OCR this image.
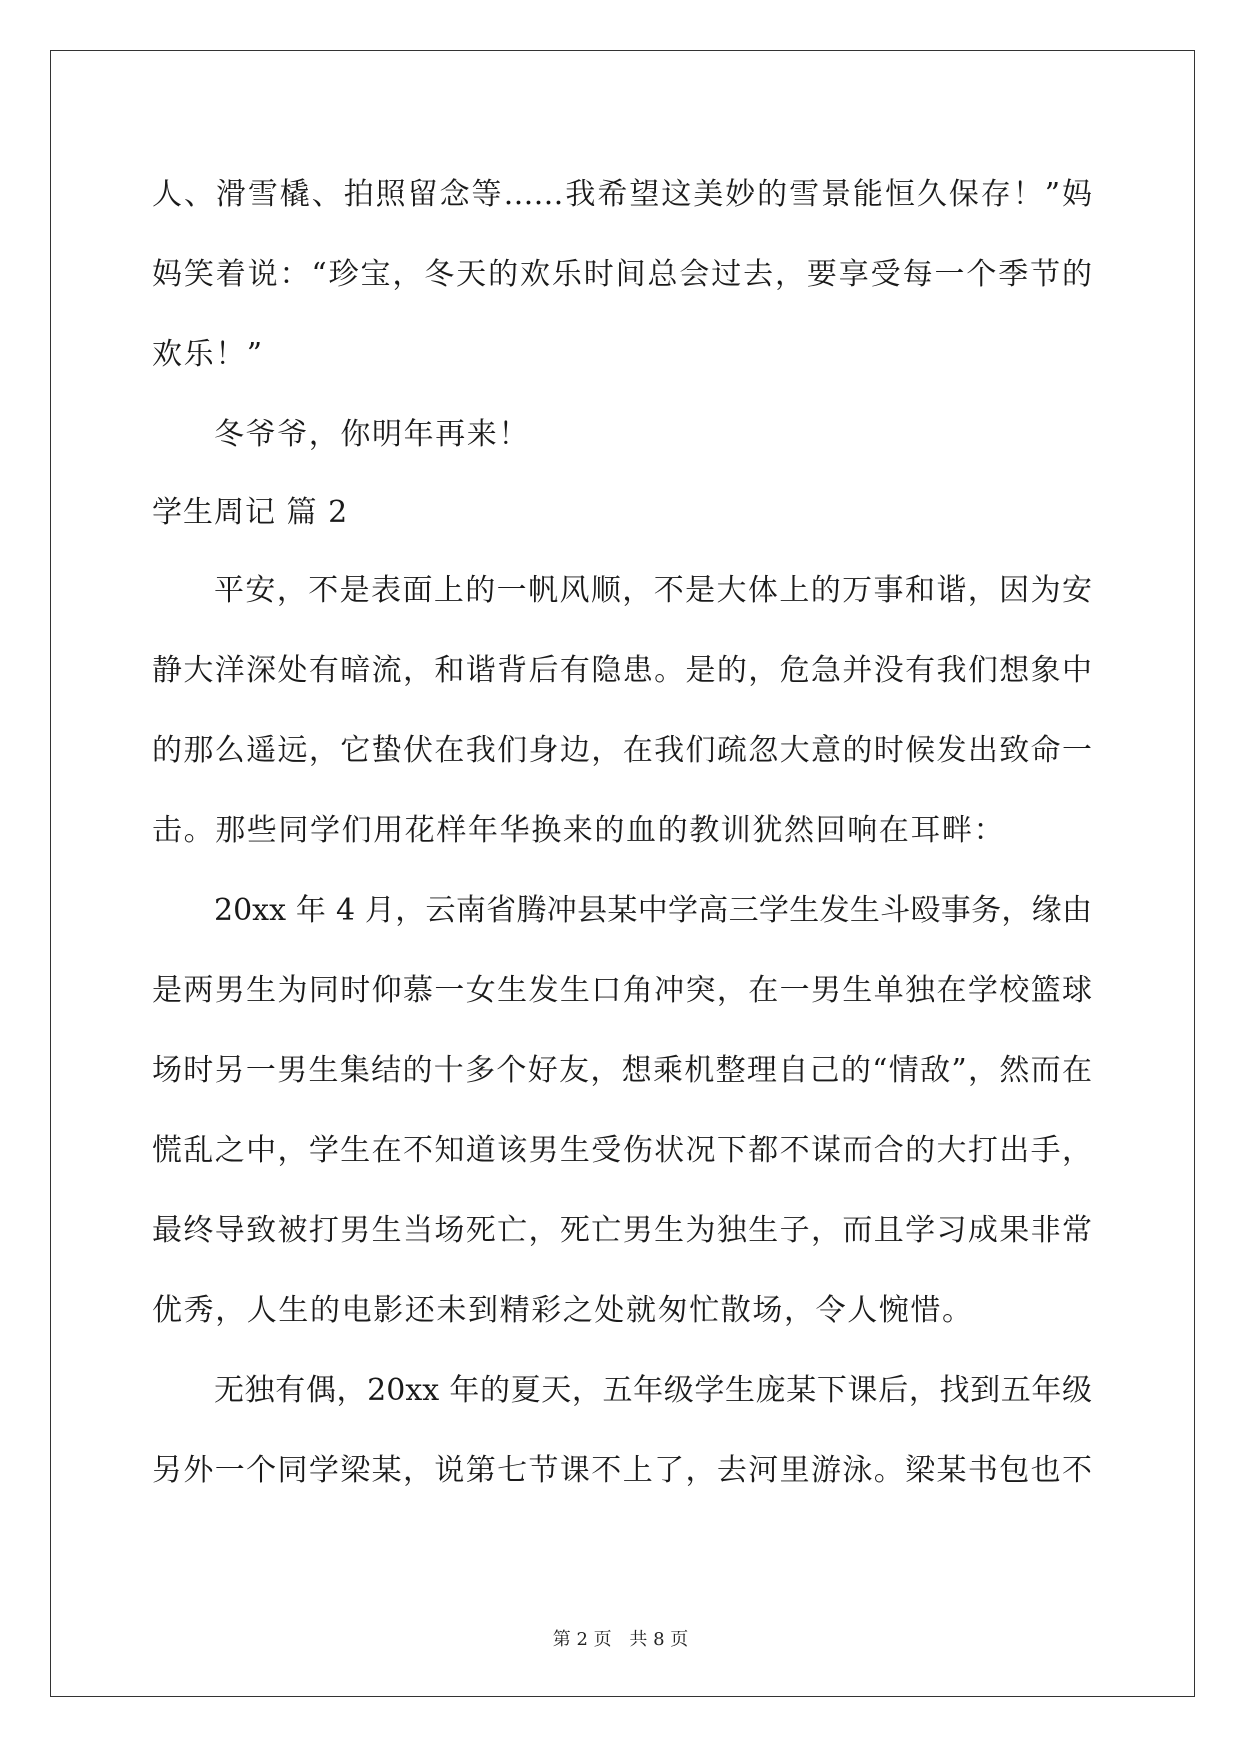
人、滑雪橇、拍照留念等……我希望这美妙的雪景能恒久保存！”妈
妈笑着说：“珍宝，冬天的欢乐时间总会过去，要享受每一个季节的
欢乐！”
冬爷爷，你明年再来！
学生周记 篇 2
平安，不是表面上的一帆风顺，不是大体上的万事和谐，因为安
静大洋深处有暗流，和谐背后有隐患。是的，危急并没有我们想象中
的那么遥远，它蛰伏在我们身边，在我们疏忽大意的时候发出致命一
击。那些同学们用花样年华换来的血的教训犹然回响在耳畔：
20xx 年 4 月，云南省腾冲县某中学高三学生发生斗殴事务，缘由
是两男生为同时仰慕一女生发生口角冲突，在一男生单独在学校篮球
场时另一男生集结的十多个好友，想乘机整理自己的“情敌”，然而在
慌乱之中，学生在不知道该男生受伤状况下都不谋而合的大打出手，
最终导致被打男生当场死亡，死亡男生为独生子，而且学习成果非常
优秀，人生的电影还未到精彩之处就匆忙散场，令人惋惜。
无独有偶，20xx 年的夏天，五年级学生庞某下课后，找到五年级
另外一个同学梁某，说第七节课不上了，去河里游泳。梁某书包也不
第 2 页 共 8 页
